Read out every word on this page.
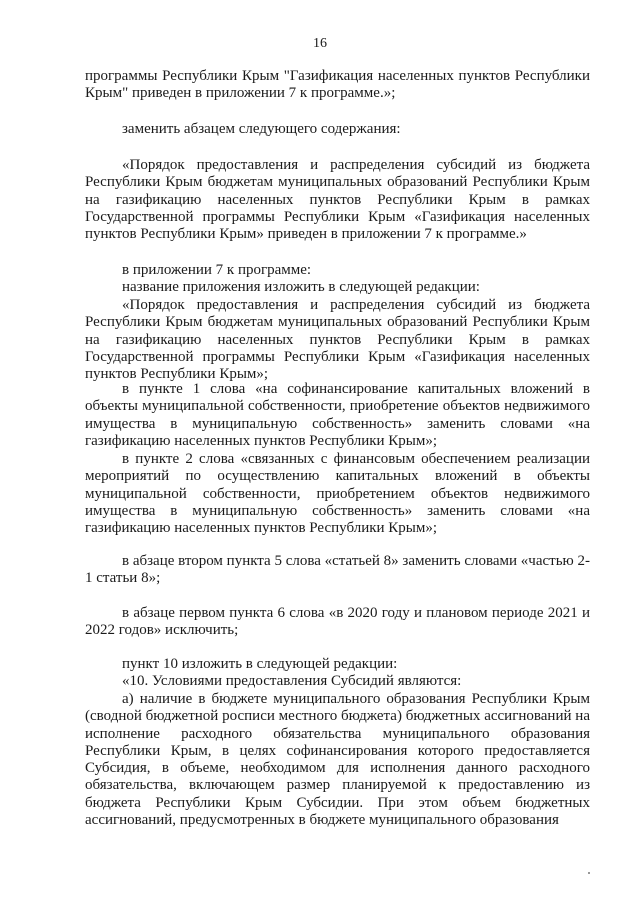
16

программы Республики Крым "Газификация населенных пунктов Республики Крым" приведен в приложении 7 к программе.»;

заменить абзацем следующего содержания:

«Порядок предоставления и распределения субсидий из бюджета Республики Крым бюджетам муниципальных образований Республики Крым на газификацию населенных пунктов Республики Крым в рамках Государственной программы Республики Крым «Газификация населенных пунктов Республики Крым» приведен в приложении 7 к программе.»

в приложении 7 к программе:

название приложения изложить в следующей редакции:

«Порядок предоставления и распределения субсидий из бюджета Республики Крым бюджетам муниципальных образований Республики Крым на газификацию населенных пунктов Республики Крым в рамках Государственной программы Республики Крым «Газификация населенных пунктов Республики Крым»;

в пункте 1 слова «на софинансирование капитальных вложений в объекты муниципальной собственности, приобретение объектов недвижимого имущества в муниципальную собственность» заменить словами «на газификацию населенных пунктов Республики Крым»;

в пункте 2 слова «связанных с финансовым обеспечением реализации мероприятий по осуществлению капитальных вложений в объекты муниципальной собственности, приобретением объектов недвижимого имущества в муниципальную собственность» заменить словами «на газификацию населенных пунктов Республики Крым»;

в абзаце втором пункта 5 слова «статьей 8» заменить словами «частью 2-1 статьи 8»;

в абзаце первом пункта 6 слова «в 2020 году и плановом периоде 2021 и 2022 годов» исключить;

пункт 10 изложить в следующей редакции:

«10. Условиями предоставления Субсидий являются:

а) наличие в бюджете муниципального образования Республики Крым (сводной бюджетной росписи местного бюджета) бюджетных ассигнований на исполнение расходного обязательства муниципального образования Республики Крым, в целях софинансирования которого предоставляется Субсидия, в объеме, необходимом для исполнения данного расходного обязательства, включающем размер планируемой к предоставлению из бюджета Республики Крым Субсидии. При этом объем бюджетных ассигнований, предусмотренных в бюджете муниципального образования
